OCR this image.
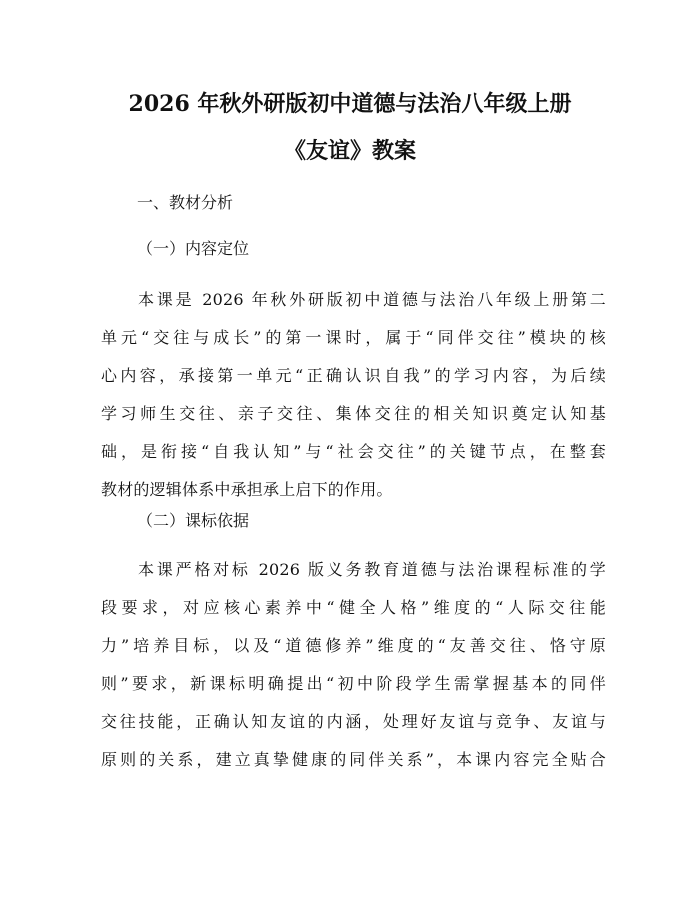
2026 年秋外研版初中道德与法治八年级上册
《友谊》教案

一、教材分析

（一）内容定位

本课是 2026 年秋外研版初中道德与法治八年级上册第二
单元“交往与成长”的第一课时，属于“同伴交往”模块的核
心内容，承接第一单元“正确认识自我”的学习内容，为后续
学习师生交往、亲子交往、集体交往的相关知识奠定认知基
础，是衔接“自我认知”与“社会交往”的关键节点，在整套
教材的逻辑体系中承担承上启下的作用。

（二）课标依据

本课严格对标 2026 版义务教育道德与法治课程标准的学
段要求，对应核心素养中“健全人格”维度的“人际交往能
力”培养目标，以及“道德修养”维度的“友善交往、恪守原
则”要求，新课标明确提出“初中阶段学生需掌握基本的同伴
交往技能，正确认知友谊的内涵，处理好友谊与竞争、友谊与
原则的关系，建立真挚健康的同伴关系”，本课内容完全贴合
